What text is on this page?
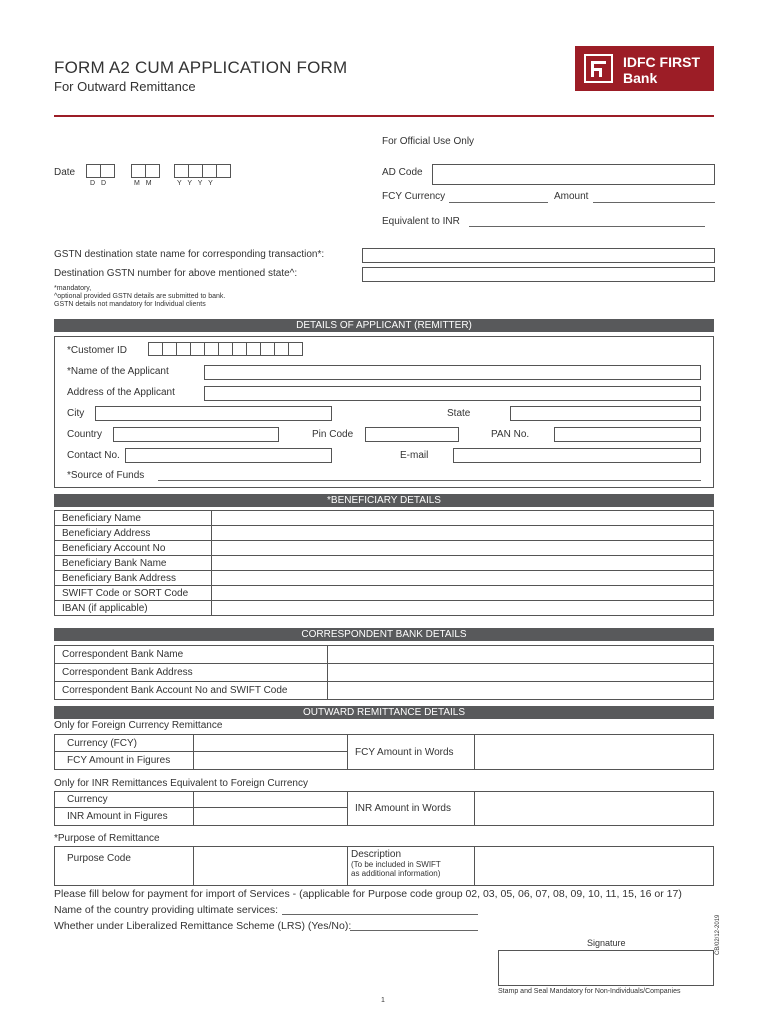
FORM A2 CUM APPLICATION FORM
For Outward Remittance
IDFC FIRST
Bank
For Official Use Only
Date
D D	M M	Y Y Y Y
AD Code
FCY Currency	Amount
Equivalent to INR
GSTN destination state name for corresponding transaction*:
Destination GSTN number for above mentioned state^:
*mandatory,
^optional provided GSTN details are submitted to bank.
GSTN details not mandatory for Individual clients
DETAILS OF APPLICANT (REMITTER)
*Customer ID
*Name of the Applicant
Address of the Applicant
City	State
Country	Pin Code	PAN No.
Contact No.	E-mail
*Source of Funds
*BENEFICIARY DETAILS
Beneficiary Name	
Beneficiary Address	
Beneficiary Account No	
Beneficiary Bank Name	
Beneficiary Bank Address	
SWIFT Code or SORT Code	
IBAN (if applicable)	
CORRESPONDENT BANK DETAILS
Correspondent Bank Name	
Correspondent Bank Address	
Correspondent Bank Account No and SWIFT Code	
OUTWARD REMITTANCE DETAILS
Only for Foreign Currency Remittance
Currency (FCY)		FCY Amount in Words	
FCY Amount in Figures			
Only for INR Remittances Equivalent to Foreign Currency
Currency		INR Amount in Words	
INR Amount in Figures			
*Purpose of Remittance
Purpose Code		Description
(To be included in SWIFT
as additional information)

Please fill below for payment for import of Services - (applicable for Purpose code group 02, 03, 05, 06, 07, 08, 09, 10, 11, 15, 16 or 17)
Name of the country providing ultimate services:
Whether under Liberalized Remittance Scheme (LRS) (Yes/No):
Signature
Stamp and Seal Mandatory for Non-Individuals/Companies
1
CB/02/12-2019
